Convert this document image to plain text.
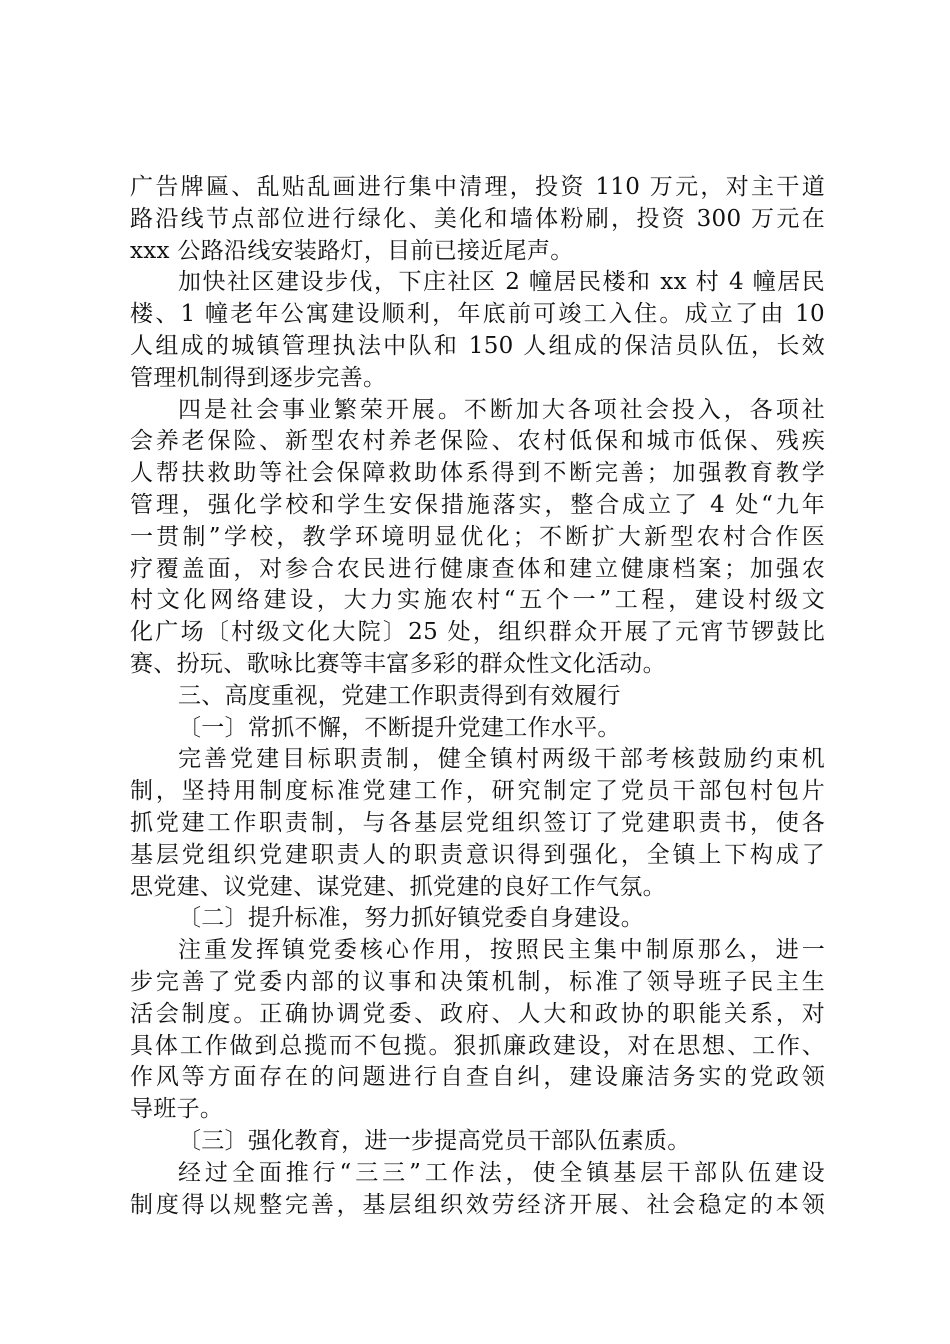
广告牌匾、乱贴乱画进行集中清理，投资 110 万元，对主干道
路沿线节点部位进行绿化、美化和墙体粉刷，投资 300 万元在
xxx 公路沿线安装路灯，目前已接近尾声。
加快社区建设步伐，下庄社区 2 幢居民楼和 xx 村 4 幢居民
楼、1 幢老年公寓建设顺利，年底前可竣工入住。成立了由 10
人组成的城镇管理执法中队和 150 人组成的保洁员队伍，长效
管理机制得到逐步完善。
四是社会事业繁荣开展。不断加大各项社会投入，各项社
会养老保险、新型农村养老保险、农村低保和城市低保、残疾
人帮扶救助等社会保障救助体系得到不断完善；加强教育教学
管理，强化学校和学生安保措施落实，整合成立了 4 处“九年
一贯制”学校，教学环境明显优化；不断扩大新型农村合作医
疗覆盖面，对参合农民进行健康查体和建立健康档案；加强农
村文化网络建设，大力实施农村“五个一”工程，建设村级文
化广场〔村级文化大院〕25 处，组织群众开展了元宵节锣鼓比
赛、扮玩、歌咏比赛等丰富多彩的群众性文化活动。
三、高度重视，党建工作职责得到有效履行
〔一〕常抓不懈，不断提升党建工作水平。
完善党建目标职责制，健全镇村两级干部考核鼓励约束机
制，坚持用制度标准党建工作，研究制定了党员干部包村包片
抓党建工作职责制，与各基层党组织签订了党建职责书，使各
基层党组织党建职责人的职责意识得到强化，全镇上下构成了
思党建、议党建、谋党建、抓党建的良好工作气氛。
〔二〕提升标准，努力抓好镇党委自身建设。
注重发挥镇党委核心作用，按照民主集中制原那么，进一
步完善了党委内部的议事和决策机制，标准了领导班子民主生
活会制度。正确协调党委、政府、人大和政协的职能关系，对
具体工作做到总揽而不包揽。狠抓廉政建设，对在思想、工作、
作风等方面存在的问题进行自查自纠，建设廉洁务实的党政领
导班子。
〔三〕强化教育，进一步提高党员干部队伍素质。
经过全面推行“三三”工作法，使全镇基层干部队伍建设
制度得以规整完善，基层组织效劳经济开展、社会稳定的本领
